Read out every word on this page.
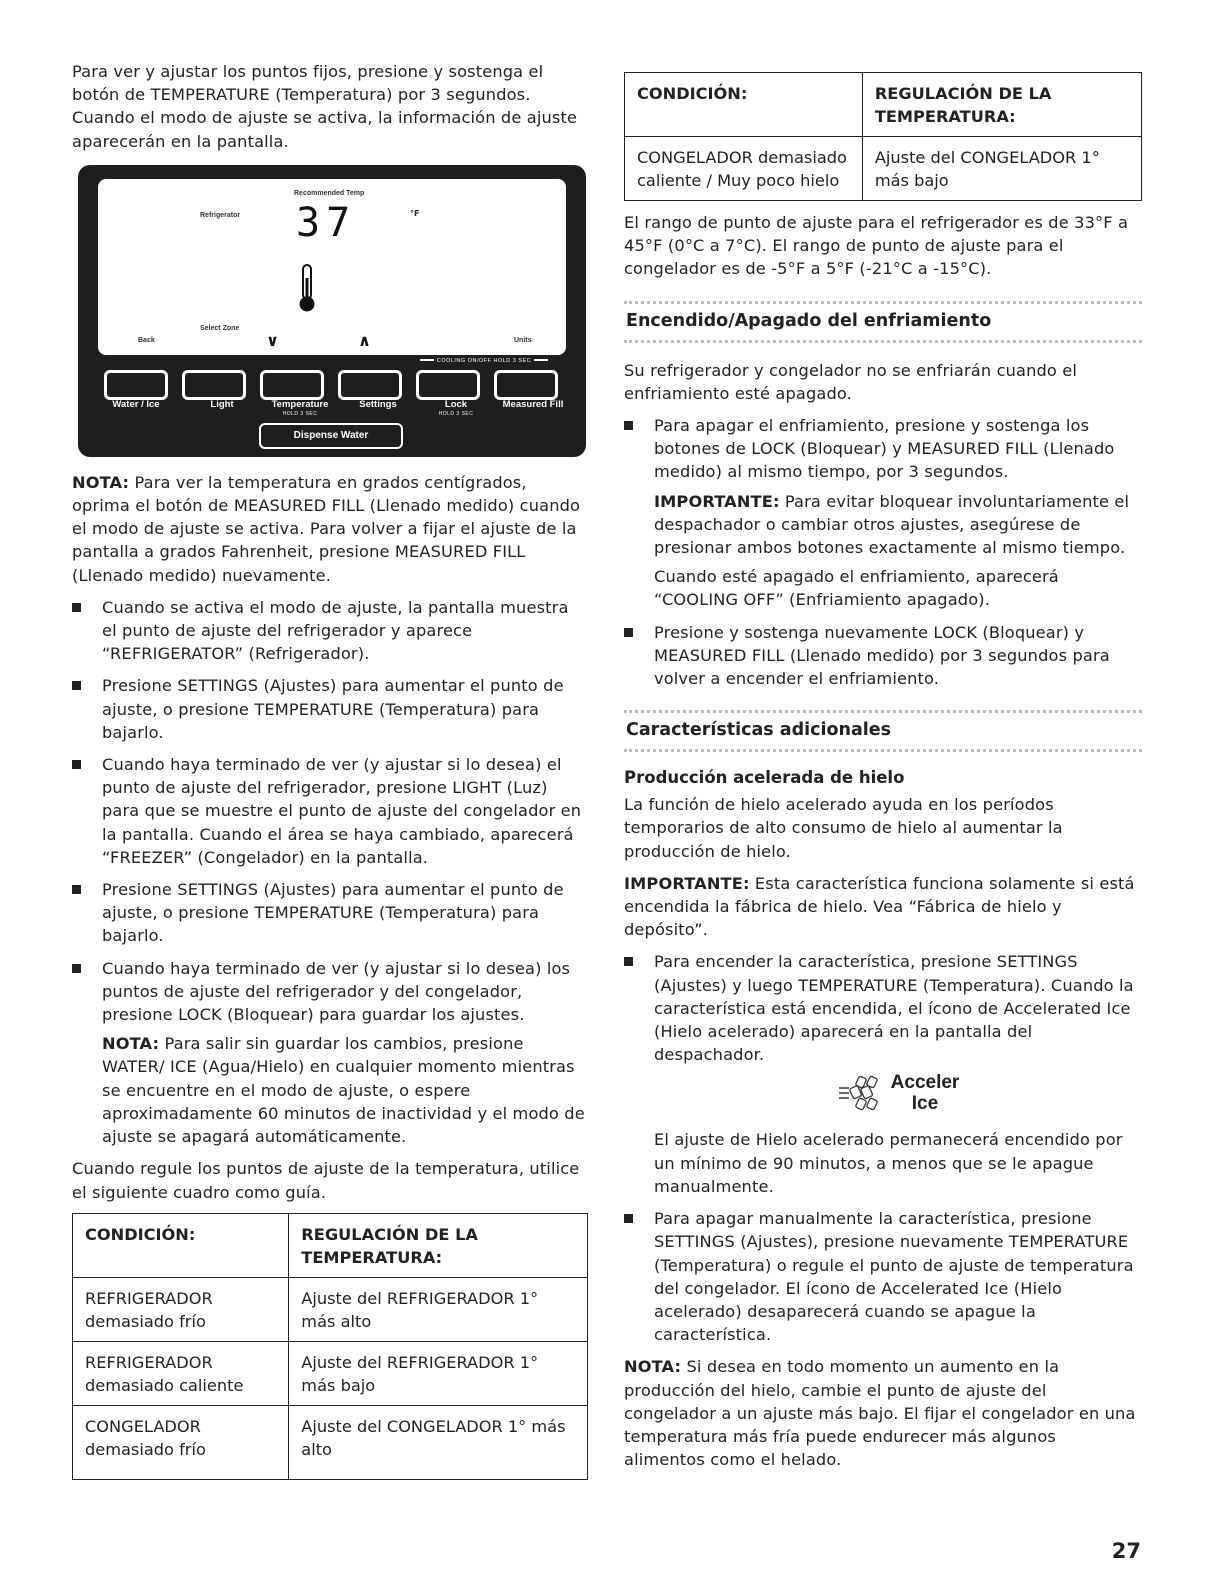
Para ver y ajustar los puntos fijos, presione y sostenga el botón de TEMPERATURE (Temperatura) por 3 segundos. Cuando el modo de ajuste se activa, la información de ajuste aparecerán en la pantalla.

Recommended Temp
Refrigerator 37	°F
Select Zone
Back	Units
∨	∧
COOLING ON/OFF HOLD 3 SEC
Water / Ice	Light	Temperature
HOLD 3 SEC
Settings	Lock
HOLD 3 SEC
Measured Fill
Dispense Water

NOTA: Para ver la temperatura en grados centígrados, oprima el botón de MEASURED FILL (Llenado medido) cuando el modo de ajuste se activa. Para volver a fijar el ajuste de la pantalla a grados Fahrenheit, presione MEASURED FILL (Llenado medido) nuevamente.

Cuando se activa el modo de ajuste, la pantalla muestra el punto de ajuste del refrigerador y aparece “REFRIGERATOR” (Refrigerador).

Presione SETTINGS (Ajustes) para aumentar el punto de ajuste, o presione TEMPERATURE (Temperatura) para bajarlo.

Cuando haya terminado de ver (y ajustar si lo desea) el punto de ajuste del refrigerador, presione LIGHT (Luz) para que se muestre el punto de ajuste del congelador en la pantalla. Cuando el área se haya cambiado, aparecerá “FREEZER” (Congelador) en la pantalla.

Presione SETTINGS (Ajustes) para aumentar el punto de ajuste, o presione TEMPERATURE (Temperatura) para bajarlo.

Cuando haya terminado de ver (y ajustar si lo desea) los puntos de ajuste del refrigerador y del congelador, presione LOCK (Bloquear) para guardar los ajustes.

NOTA: Para salir sin guardar los cambios, presione WATER/ ICE (Agua/Hielo) en cualquier momento mientras se encuentre en el modo de ajuste, o espere aproximadamente 60 minutos de inactividad y el modo de ajuste se apagará automáticamente.

Cuando regule los puntos de ajuste de la temperatura, utilice el siguiente cuadro como guía.

CONDICIÓN:	REGULACIÓN DE LA TEMPERATURA:
REFRIGERADOR demasiado frío	Ajuste del REFRIGERADOR 1° más alto
REFRIGERADOR demasiado caliente	Ajuste del REFRIGERADOR 1° más bajo
CONGELADOR demasiado frío	Ajuste del CONGELADOR 1° más alto
CONDICIÓN:	REGULACIÓN DE LA TEMPERATURA:
CONGELADOR demasiado caliente / Muy poco hielo	Ajuste del CONGELADOR 1° más bajo

El rango de punto de ajuste para el refrigerador es de 33°F a 45°F (0°C a 7°C). El rango de punto de ajuste para el congelador es de -5°F a 5°F (-21°C a -15°C).

Encendido/Apagado del enfriamiento

Su refrigerador y congelador no se enfriarán cuando el enfriamiento esté apagado.

Para apagar el enfriamiento, presione y sostenga los botones de LOCK (Bloquear) y MEASURED FILL (Llenado medido) al mismo tiempo, por 3 segundos.

IMPORTANTE: Para evitar bloquear involuntariamente el despachador o cambiar otros ajustes, asegúrese de presionar ambos botones exactamente al mismo tiempo.

Cuando esté apagado el enfriamiento, aparecerá “COOLING OFF” (Enfriamiento apagado).

Presione y sostenga nuevamente LOCK (Bloquear) y MEASURED FILL (Llenado medido) por 3 segundos para volver a encender el enfriamiento.

Características adicionales
Producción acelerada de hielo

La función de hielo acelerado ayuda en los períodos temporarios de alto consumo de hielo al aumentar la producción de hielo.

IMPORTANTE: Esta característica funciona solamente si está encendida la fábrica de hielo. Vea “Fábrica de hielo y depósito”.

Para encender la característica, presione SETTINGS (Ajustes) y luego TEMPERATURE (Temperatura). Cuando la característica está encendida, el ícono de Accelerated Ice (Hielo acelerado) aparecerá en la pantalla del despachador.

Acceler
Ice

El ajuste de Hielo acelerado permanecerá encendido por un mínimo de 90 minutos, a menos que se le apague manualmente.

Para apagar manualmente la característica, presione SETTINGS (Ajustes), presione nuevamente TEMPERATURE (Temperatura) o regule el punto de ajuste de temperatura del congelador. El ícono de Accelerated Ice (Hielo acelerado) desaparecerá cuando se apague la característica.

NOTA: Si desea en todo momento un aumento en la producción del hielo, cambie el punto de ajuste del congelador a un ajuste más bajo. El fijar el congelador en una temperatura más fría puede endurecer más algunos alimentos como el helado.

27
